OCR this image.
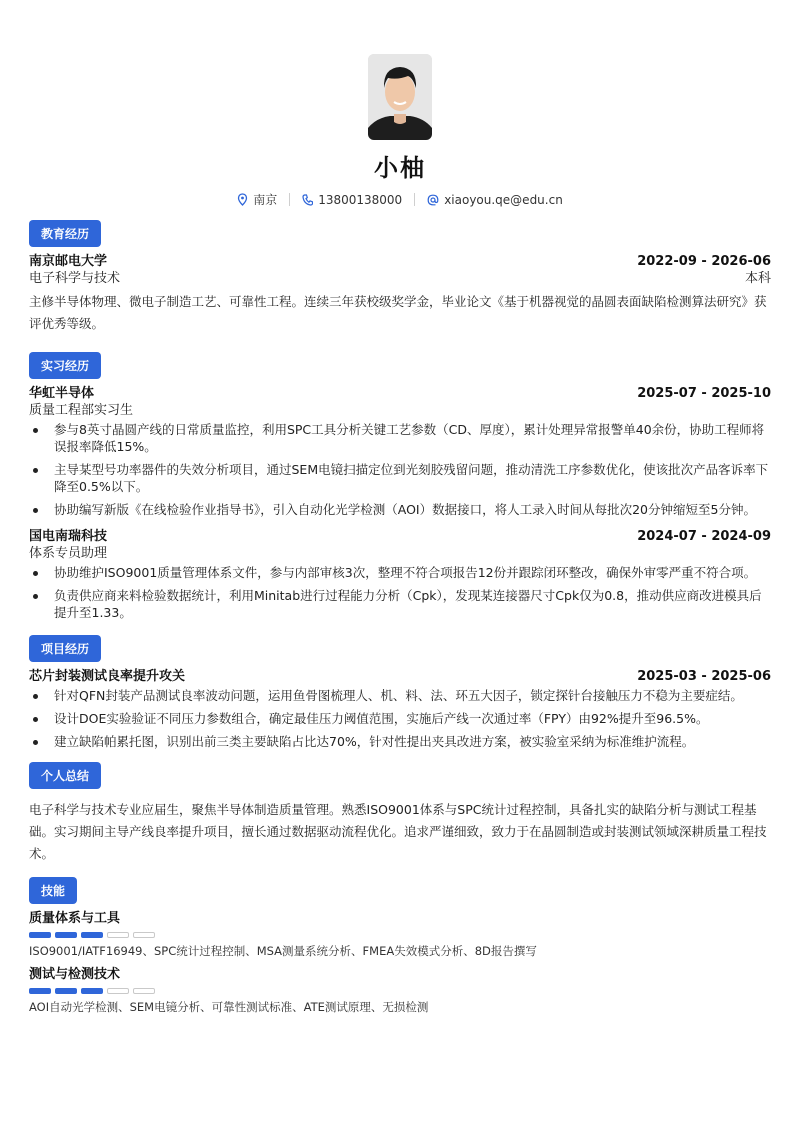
小柚
南京	13800138000	xiaoyou.qe@edu.cn
教育经历
南京邮电大学	2022-09 - 2026-06
电子科学与技术	本科
主修半导体物理、微电子制造工艺、可靠性工程。连续三年获校级奖学金，毕业论文《基于机器视觉的晶圆表面缺陷检测算法研究》获评优秀等级。
实习经历
华虹半导体	2025-07 - 2025-10
质量工程部实习生
参与8英寸晶圆产线的日常质量监控，利用SPC工具分析关键工艺参数（CD、厚度），累计处理异常报警单40余份，协助工程师将误报率降低15%。
主导某型号功率器件的失效分析项目，通过SEM电镜扫描定位到光刻胶残留问题，推动清洗工序参数优化，使该批次产品客诉率下降至0.5%以下。
协助编写新版《在线检验作业指导书》，引入自动化光学检测（AOI）数据接口，将人工录入时间从每批次20分钟缩短至5分钟。
国电南瑞科技	2024-07 - 2024-09
体系专员助理
协助维护ISO9001质量管理体系文件，参与内部审核3次，整理不符合项报告12份并跟踪闭环整改，确保外审零严重不符合项。
负责供应商来料检验数据统计，利用Minitab进行过程能力分析（Cpk），发现某连接器尺寸Cpk仅为0.8，推动供应商改进模具后提升至1.33。
项目经历
芯片封装测试良率提升攻关	2025-03 - 2025-06
针对QFN封装产品测试良率波动问题，运用鱼骨图梳理人、机、料、法、环五大因子，锁定探针台接触压力不稳为主要症结。
设计DOE实验验证不同压力参数组合，确定最佳压力阈值范围，实施后产线一次通过率（FPY）由92%提升至96.5%。
建立缺陷帕累托图，识别出前三类主要缺陷占比达70%，针对性提出夹具改进方案，被实验室采纳为标准维护流程。
个人总结
电子科学与技术专业应届生，聚焦半导体制造质量管理。熟悉ISO9001体系与SPC统计过程控制，具备扎实的缺陷分析与测试工程基础。实习期间主导产线良率提升项目，擅长通过数据驱动流程优化。追求严谨细致，致力于在晶圆制造或封装测试领域深耕质量工程技术。
技能
质量体系与工具
ISO9001/IATF16949、SPC统计过程控制、MSA测量系统分析、FMEA失效模式分析、8D报告撰写
测试与检测技术
AOI自动光学检测、SEM电镜分析、可靠性测试标准、ATE测试原理、无损检测
